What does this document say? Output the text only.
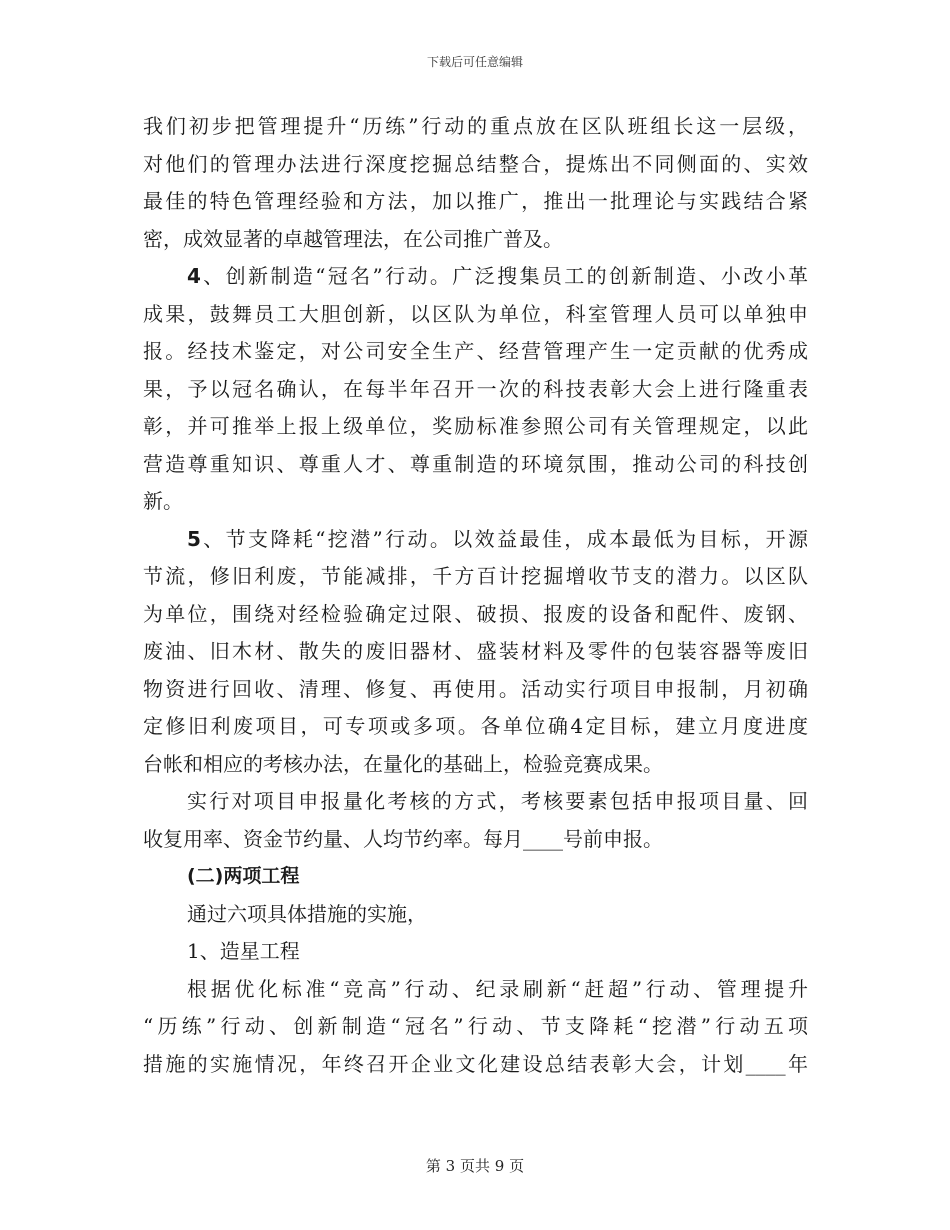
下载后可任意编辑
我们初步把管理提升“历练”行动的重点放在区队班组长这一层级，
对他们的管理办法进行深度挖掘总结整合，提炼出不同侧面的、实效
最佳的特色管理经验和方法，加以推广，推出一批理论与实践结合紧
密，成效显著的卓越管理法，在公司推广普及。
4、创新制造“冠名”行动。广泛搜集员工的创新制造、小改小革
成果，鼓舞员工大胆创新，以区队为单位，科室管理人员可以单独申
报。经技术鉴定，对公司安全生产、经营管理产生一定贡献的优秀成
果，予以冠名确认，在每半年召开一次的科技表彰大会上进行隆重表
彰，并可推举上报上级单位，奖励标准参照公司有关管理规定，以此
营造尊重知识、尊重人才、尊重制造的环境氛围，推动公司的科技创
新。
5、节支降耗“挖潜”行动。以效益最佳，成本最低为目标，开源
节流，修旧利废，节能减排，千方百计挖掘增收节支的潜力。以区队
为单位，围绕对经检验确定过限、破损、报废的设备和配件、废钢、
废油、旧木材、散失的废旧器材、盛装材料及零件的包装容器等废旧
物资进行回收、清理、修复、再使用。活动实行项目申报制，月初确
定修旧利废项目，可专项或多项。各单位确4定目标，建立月度进度
台帐和相应的考核办法，在量化的基础上，检验竞赛成果。
实行对项目申报量化考核的方式，考核要素包括申报项目量、回
收复用率、资金节约量、人均节约率。每月____号前申报。
(二)两项工程
通过六项具体措施的实施，
1、造星工程
根据优化标准“竞高”行动、纪录刷新“赶超”行动、管理提升
“历练”行动、创新制造“冠名”行动、节支降耗“挖潜”行动五项
措施的实施情况，年终召开企业文化建设总结表彰大会，计划____年
第 3 页共 9 页
